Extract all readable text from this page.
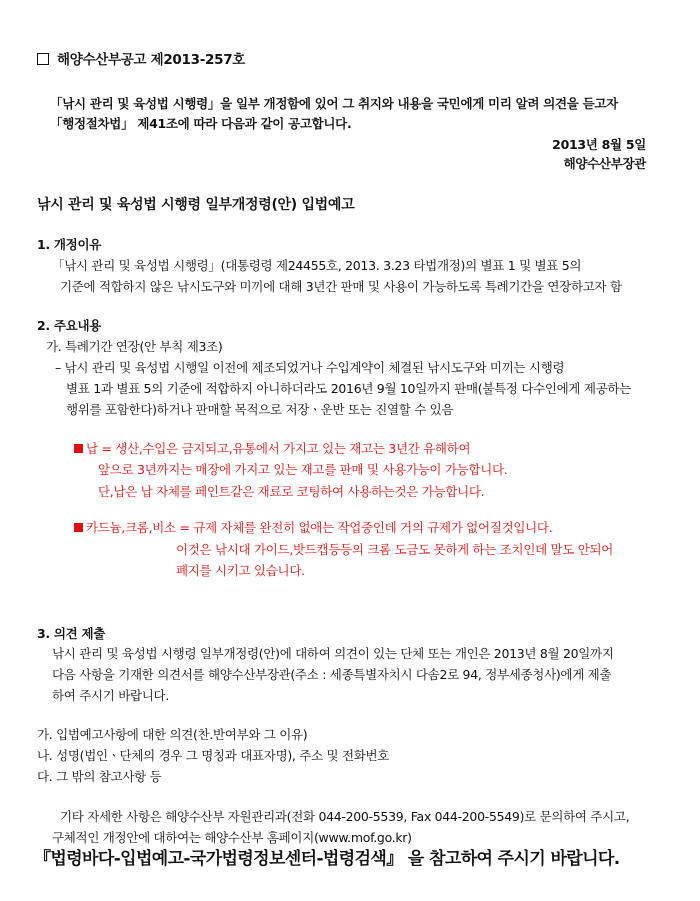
해양수산부공고 제2013-257호
「낚시 관리 및 육성법 시행령」을 일부 개정함에 있어 그 취지와 내용을 국민에게 미리 알려 의견을 듣고자
「행정절차법」 제41조에 따라 다음과 같이 공고합니다.
2013년 8월 5일
해양수산부장관
낚시 관리 및 육성법 시행령 일부개정령(안) 입법예고
1. 개정이유
「낚시 관리 및 육성법 시행령」(대통령령 제24455호, 2013. 3.23 타법개정)의 별표 1 및 별표 5의
기준에 적합하지 않은 낚시도구와 미끼에 대해 3년간 판매 및 사용이 가능하도록 특례기간을 연장하고자 함
2. 주요내용
가. 특례기간 연장(안 부칙 제3조)
– 낚시 관리 및 육성법 시행일 이전에 제조되었거나 수입계약이 체결된 낚시도구와 미끼는 시행령
별표 1과 별표 5의 기준에 적합하지 아니하더라도 2016년 9월 10일까지 판매(불특정 다수인에게 제공하는
행위를 포함한다)하거나 판매할 목적으로 저장ㆍ운반 또는 진열할 수 있음
납 = 생산,수입은 금지되고,유통에서 가지고 있는 재고는 3년간 유해하여
앞으로 3년까지는 매장에 가지고 있는 재고를 판매 및 사용가능이 가능합니다.
단,납은 납 자체를 페인트같은 재료로 코팅하여 사용하는것은 가능합니다.
카드늄,크롬,비소 = 규제 자체를 완전히 없애는 작업중인데 거의 규제가 없어질것입니다.
이것은 낚시대 가이드,밧드캡등등의 크롬 도금도 못하게 하는 조치인데 말도 안되어
폐지를 시키고 있습니다.
3. 의견 제출
낚시 관리 및 육성법 시행령 일부개정령(안)에 대하여 의견이 있는 단체 또는 개인은 2013년 8월 20일까지
다음 사항을 기재한 의견서를 해양수산부장관(주소 : 세종특별자치시 다솜2로 94, 정부세종청사)에게 제출
하여 주시기 바랍니다.
가. 입법예고사항에 대한 의견(찬.반여부와 그 이유)
나. 성명(법인ㆍ단체의 경우 그 명칭과 대표자명), 주소 및 전화번호
다. 그 밖의 참고사항 등
기타 자세한 사항은 해양수산부 자원관리과(전화 044-200-5539, Fax 044-200-5549)로 문의하여 주시고,
구체적인 개정안에 대하여는 해양수산부 홈페이지(www.mof.go.kr)
『법령바다-입법예고-국가법령정보센터-법령검색』 을 참고하여 주시기 바랍니다.
